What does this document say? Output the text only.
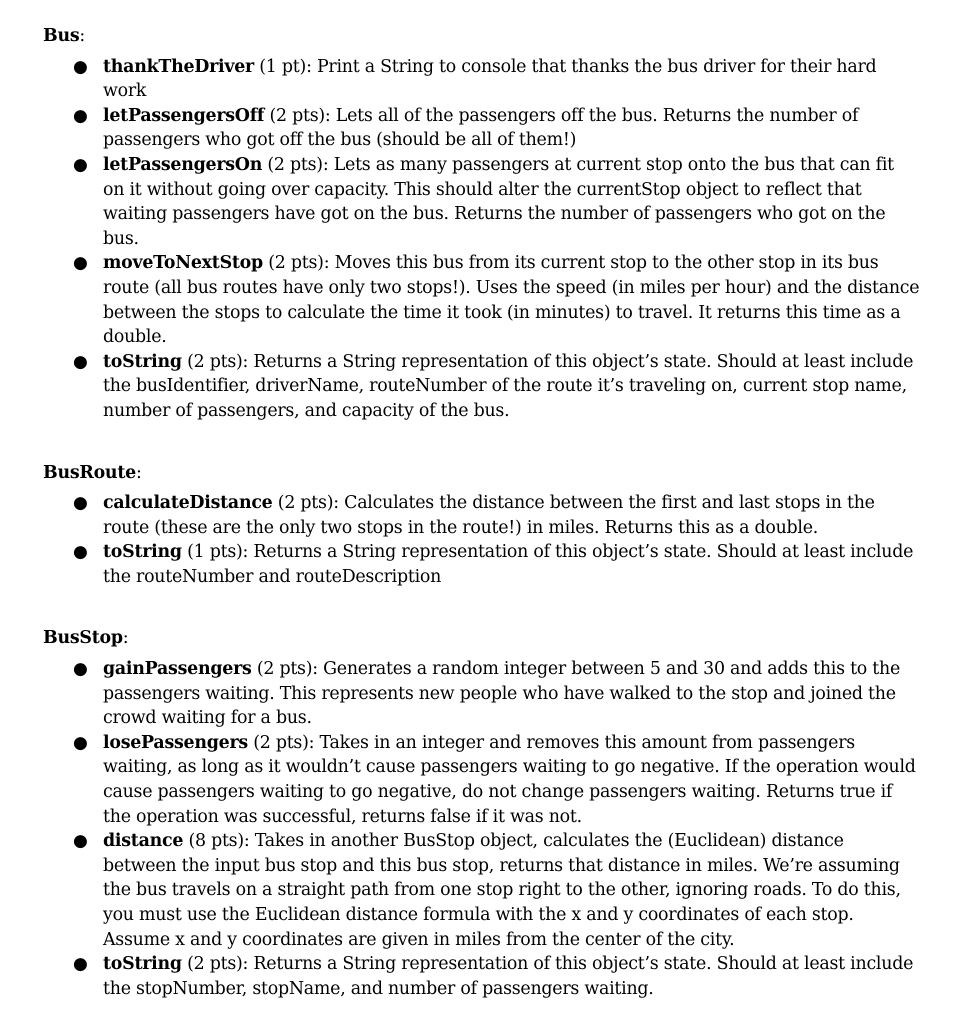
Bus:

● thankTheDriver (1 pt): Print a String to console that thanks the bus driver for their hard work
● letPassengersOff (2 pts): Lets all of the passengers off the bus. Returns the number of passengers who got off the bus (should be all of them!)
● letPassengersOn (2 pts): Lets as many passengers at current stop onto the bus that can fit on it without going over capacity. This should alter the currentStop object to reflect that waiting passengers have got on the bus. Returns the number of passengers who got on the bus.
● moveToNextStop (2 pts): Moves this bus from its current stop to the other stop in its bus route (all bus routes have only two stops!). Uses the speed (in miles per hour) and the distance between the stops to calculate the time it took (in minutes) to travel. It returns this time as a double.
● toString (2 pts): Returns a String representation of this object’s state. Should at least include the busIdentifier, driverName, routeNumber of the route it’s traveling on, current stop name, number of passengers, and capacity of the bus.

BusRoute:

● calculateDistance (2 pts): Calculates the distance between the first and last stops in the route (these are the only two stops in the route!) in miles. Returns this as a double.
● toString (1 pts): Returns a String representation of this object’s state. Should at least include the routeNumber and routeDescription

BusStop:

● gainPassengers (2 pts): Generates a random integer between 5 and 30 and adds this to the passengers waiting. This represents new people who have walked to the stop and joined the crowd waiting for a bus.
● losePassengers (2 pts): Takes in an integer and removes this amount from passengers waiting, as long as it wouldn’t cause passengers waiting to go negative. If the operation would cause passengers waiting to go negative, do not change passengers waiting. Returns true if the operation was successful, returns false if it was not.
● distance (8 pts): Takes in another BusStop object, calculates the (Euclidean) distance between the input bus stop and this bus stop, returns that distance in miles. We’re assuming the bus travels on a straight path from one stop right to the other, ignoring roads. To do this, you must use the Euclidean distance formula with the x and y coordinates of each stop. Assume x and y coordinates are given in miles from the center of the city.
● toString (2 pts): Returns a String representation of this object’s state. Should at least include the stopNumber, stopName, and number of passengers waiting.
